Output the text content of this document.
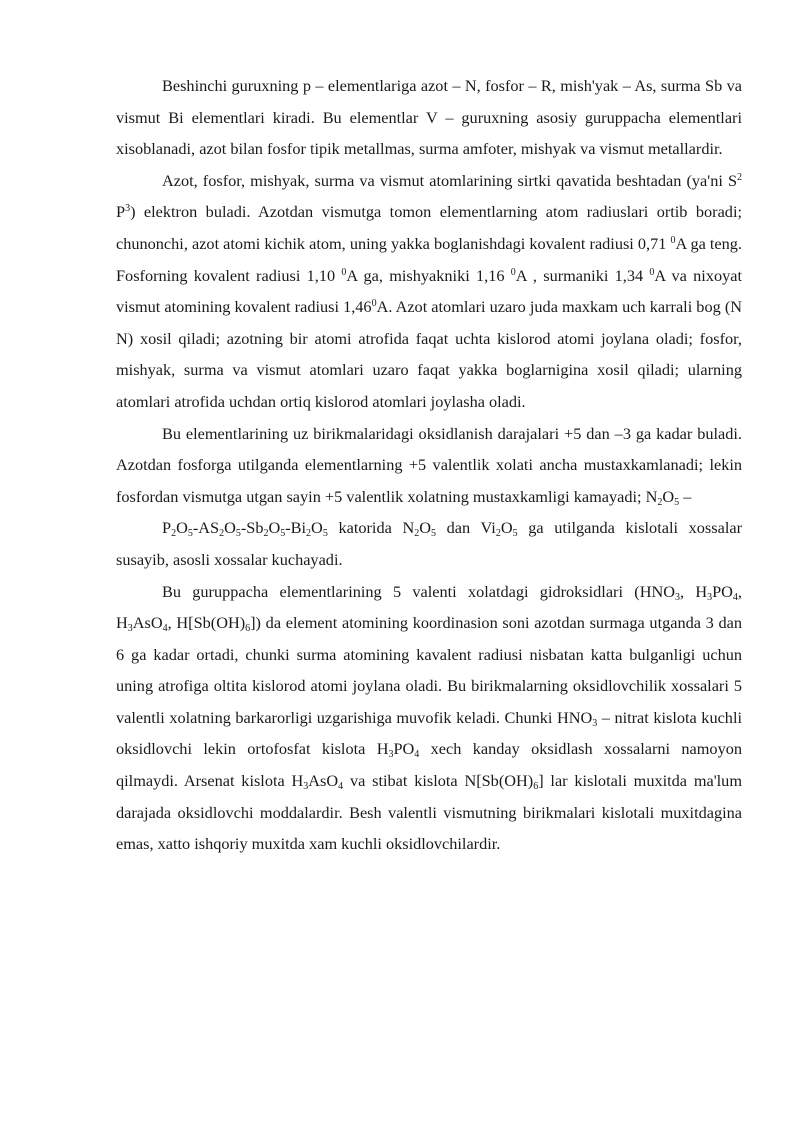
Beshinchi guruxning p – elementlariga azot – N, fosfor – R, mish'yak – As, surma Sb va vismut Bi elementlari kiradi. Bu elementlar V – guruxning asosiy guruppacha elementlari xisoblanadi, azot bilan fosfor tipik metallmas, surma amfoter, mishyak va vismut metallardir.

Azot, fosfor, mishyak, surma va vismut atomlarining sirtki qavatida beshtadan (ya'ni $S^2$ $P^3$) elektron buladi. Azotdan vismutga tomon elementlarning atom radiuslari ortib boradi; chunonchi, azot atomi kichik atom, uning yakka boglanishdagi kovalent radiusi 0,71 $^0$A ga teng. Fosforning kovalent radiusi 1,10 $^0$A ga, mishyakniki 1,16 $^0$A , surmaniki 1,34 $^0$A va nixoyat vismut atomining kovalent radiusi 1,46$^0$A. Azot atomlari uzaro juda maxkam uch karrali bog (N N) xosil qiladi; azotning bir atomi atrofida faqat uchta kislorod atomi joylana oladi; fosfor, mishyak, surma va vismut atomlari uzaro faqat yakka boglarnigina xosil qiladi; ularning atomlari atrofida uchdan ortiq kislorod atomlari joylasha oladi.

Bu elementlarining uz birikmalaridagi oksidlanish darajalari +5 dan –3 ga kadar buladi. Azotdan fosforga utilganda elementlarning +5 valentlik xolati ancha mustaxkamlanadi; lekin fosfordan vismutga utgan sayin +5 valentlik xolatning mustaxkamligi kamayadi; $N_2O_5$ –

$P_2O_5-AS_2O_5-Sb_2O_5-Bi_2O_5$ katorida $N_2O_5$ dan $Vi_2O_5$ ga utilganda kislotali xossalar susayib, asosli xossalar kuchayadi.

Bu guruppacha elementlarining 5 valenti xolatdagi gidroksidlari ($HNO_3$, $H_3PO_4$, $H_3AsO_4$, $H[Sb(OH)_6]$) da element atomining koordinasion soni azotdan surmaga utganda 3 dan 6 ga kadar ortadi, chunki surma atomining kavalent radiusi nisbatan katta bulganligi uchun uning atrofiga oltita kislorod atomi joylana oladi. Bu birikmalarning oksidlovchilik xossalari 5 valentli xolatning barkarorligi uzgarishiga muvofik keladi. Chunki $HNO_3$ – nitrat kislota kuchli oksidlovchi lekin ortofosfat kislota $H_3PO_4$ xech kanday oksidlash xossalarni namoyon qilmaydi. Arsenat kislota $H_3AsO_4$ va stibat kislota $N[Sb(OH)_6]$ lar kislotali muxitda ma'lum darajada oksidlovchi moddalardir. Besh valentli vismutning birikmalari kislotali muxitdagina emas, xatto ishqoriy muxitda xam kuchli oksidlovchilardir.
